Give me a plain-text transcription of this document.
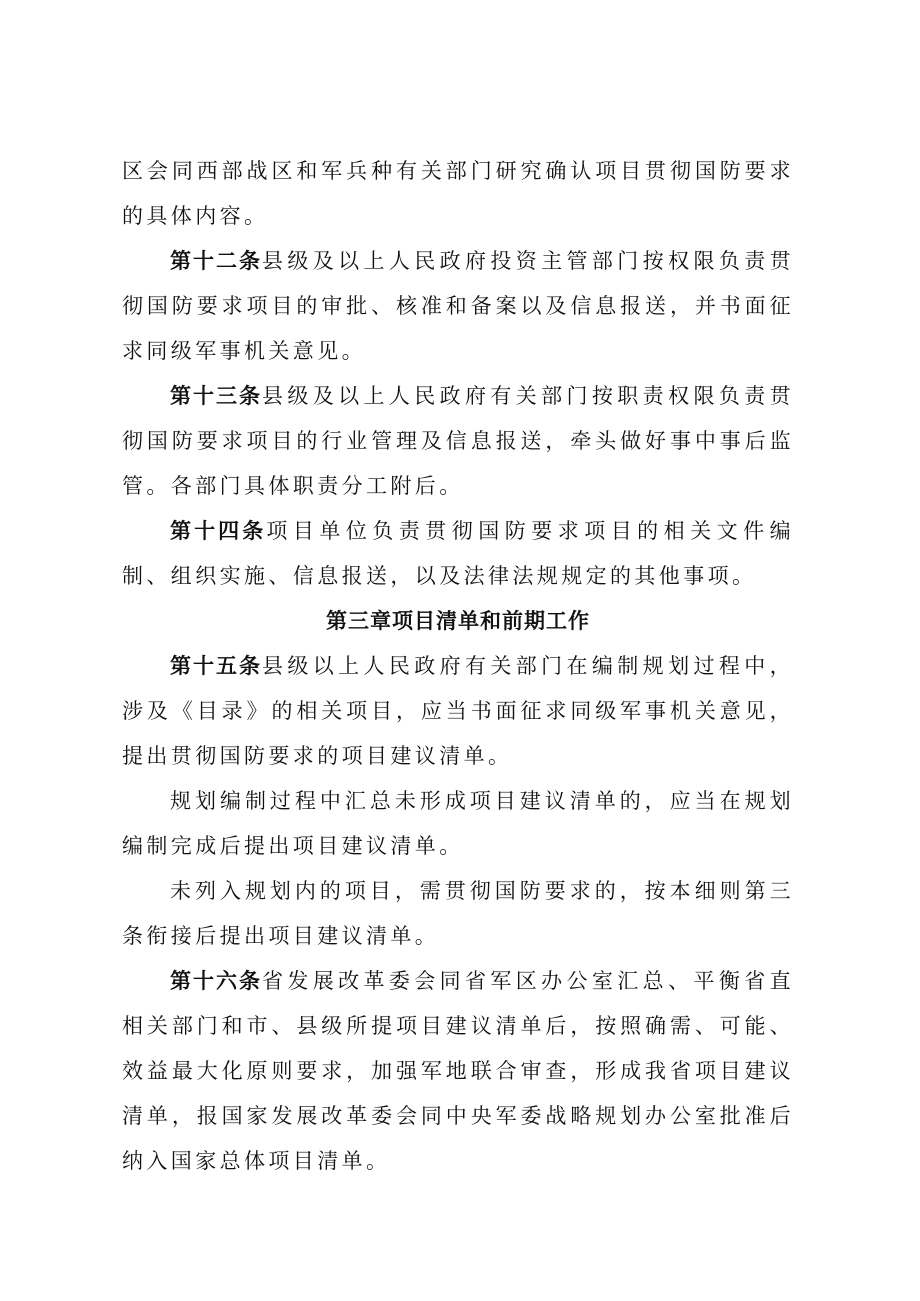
区会同西部战区和军兵种有关部门研究确认项目贯彻国防要求的具体内容。

第十二条县级及以上人民政府投资主管部门按权限负责贯彻国防要求项目的审批、核准和备案以及信息报送，并书面征求同级军事机关意见。

第十三条县级及以上人民政府有关部门按职责权限负责贯彻国防要求项目的行业管理及信息报送，牵头做好事中事后监管。各部门具体职责分工附后。

第十四条项目单位负责贯彻国防要求项目的相关文件编制、组织实施、信息报送，以及法律法规规定的其他事项。

第三章项目清单和前期工作

第十五条县级以上人民政府有关部门在编制规划过程中，涉及《目录》的相关项目，应当书面征求同级军事机关意见，提出贯彻国防要求的项目建议清单。

规划编制过程中汇总未形成项目建议清单的，应当在规划编制完成后提出项目建议清单。

未列入规划内的项目，需贯彻国防要求的，按本细则第三条衔接后提出项目建议清单。

第十六条省发展改革委会同省军区办公室汇总、平衡省直相关部门和市、县级所提项目建议清单后，按照确需、可能、效益最大化原则要求，加强军地联合审查，形成我省项目建议清单，报国家发展改革委会同中央军委战略规划办公室批准后纳入国家总体项目清单。
